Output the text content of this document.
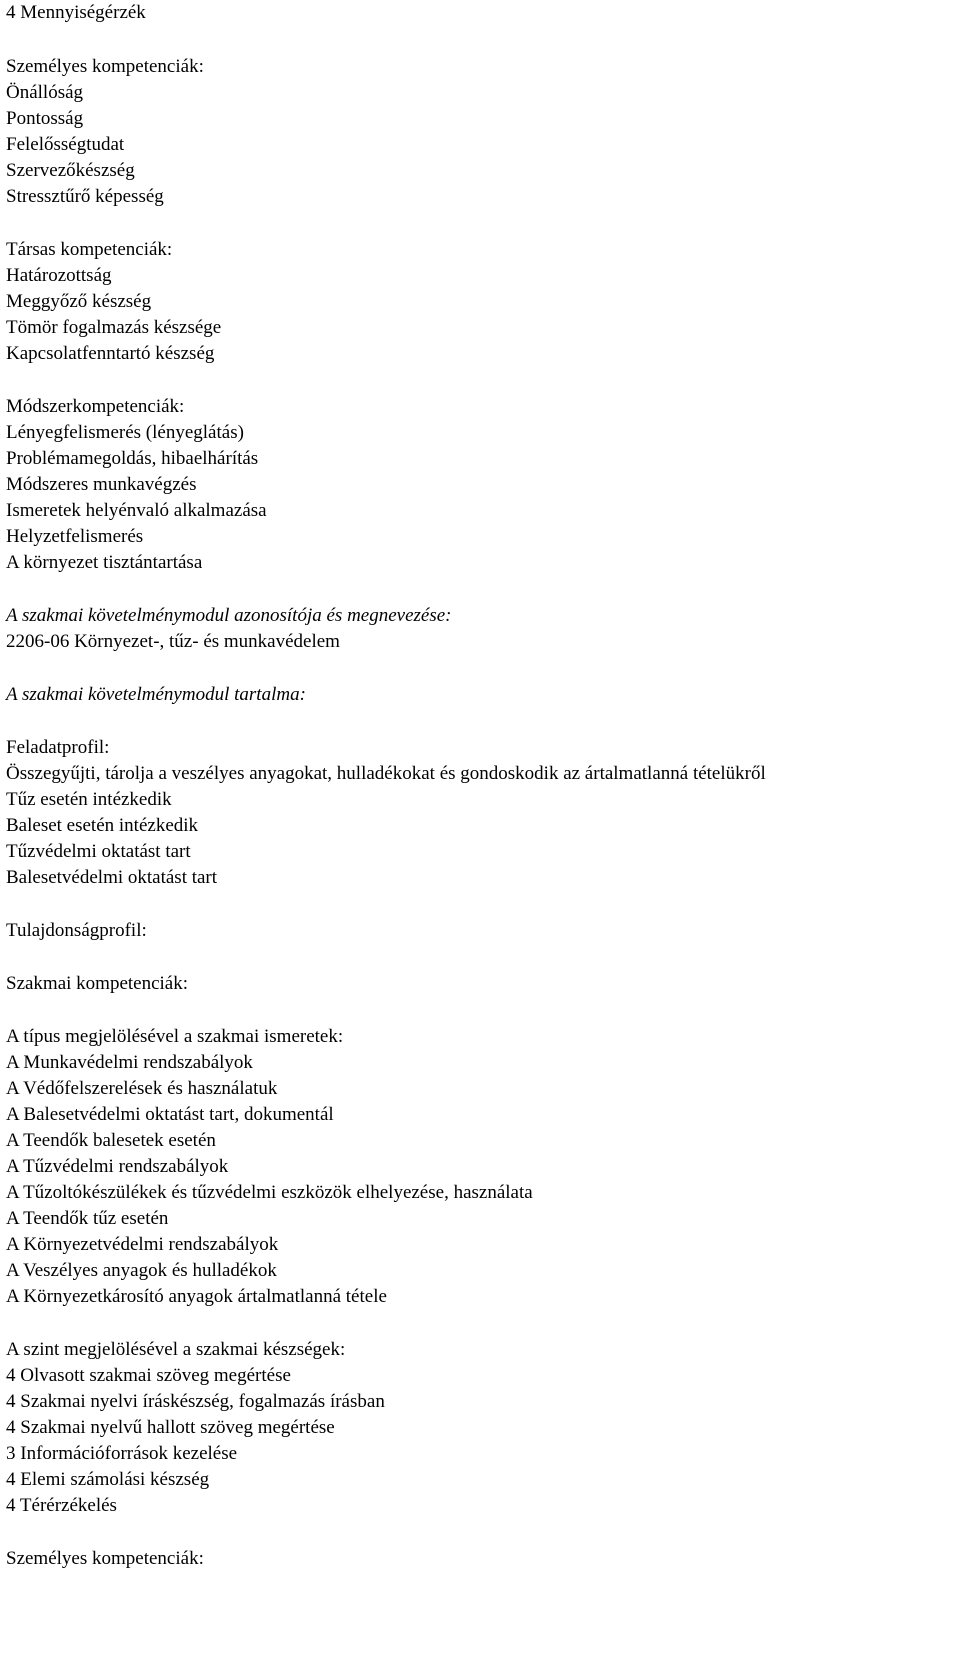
4 Mennyiségérzék
Személyes kompetenciák:
Önállóság
Pontosság
Felelősségtudat
Szervezőkészség
Stressztűrő képesség
Társas kompetenciák:
Határozottság
Meggyőző készség
Tömör fogalmazás készsége
Kapcsolatfenntartó készség
Módszerkompetenciák:
Lényegfelismerés (lényeglátás)
Problémamegoldás, hibaelhárítás
Módszeres munkavégzés
Ismeretek helyénvaló alkalmazása
Helyzetfelismerés
A környezet tisztántartása
A szakmai követelménymodul azonosítója és megnevezése:
2206-06 Környezet-, tűz- és munkavédelem
A szakmai követelménymodul tartalma:
Feladatprofil:
Összegyűjti, tárolja a veszélyes anyagokat, hulladékokat és gondoskodik az ártalmatlanná tételükről
Tűz esetén intézkedik
Baleset esetén intézkedik
Tűzvédelmi oktatást tart
Balesetvédelmi oktatást tart
Tulajdonságprofil:
Szakmai kompetenciák:
A típus megjelölésével a szakmai ismeretek:
A Munkavédelmi rendszabályok
A Védőfelszerelések és használatuk
A Balesetvédelmi oktatást tart, dokumentál
A Teendők balesetek esetén
A Tűzvédelmi rendszabályok
A Tűzoltókészülékek és tűzvédelmi eszközök elhelyezése, használata
A Teendők tűz esetén
A Környezetvédelmi rendszabályok
A Veszélyes anyagok és hulladékok
A Környezetkárosító anyagok ártalmatlanná tétele
A szint megjelölésével a szakmai készségek:
4 Olvasott szakmai szöveg megértése
4 Szakmai nyelvi íráskészség, fogalmazás írásban
4 Szakmai nyelvű hallott szöveg megértése
3 Információforrások kezelése
4 Elemi számolási készség
4 Térérzékelés
Személyes kompetenciák:
